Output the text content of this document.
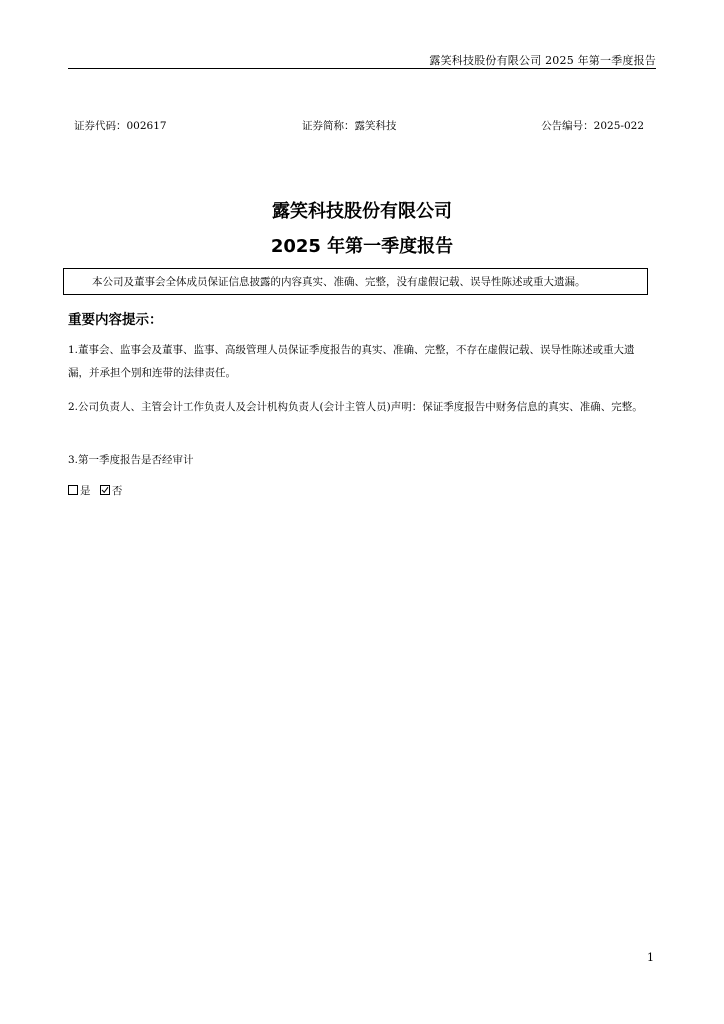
露笑科技股份有限公司 2025 年第一季度报告
证券代码：002617	证券简称：露笑科技	公告编号：2025-022
露笑科技股份有限公司
2025 年第一季度报告
本公司及董事会全体成员保证信息披露的内容真实、准确、完整，没有虚假记载、误导性陈述或重大遗漏。
重要内容提示：
1.董事会、监事会及董事、监事、高级管理人员保证季度报告的真实、准确、完整，不存在虚假记载、误导性陈述或重大遗漏，并承担个别和连带的法律责任。
2.公司负责人、主管会计工作负责人及会计机构负责人(会计主管人员)声明：保证季度报告中财务信息的真实、准确、完整。
3.第一季度报告是否经审计
是 否
1
